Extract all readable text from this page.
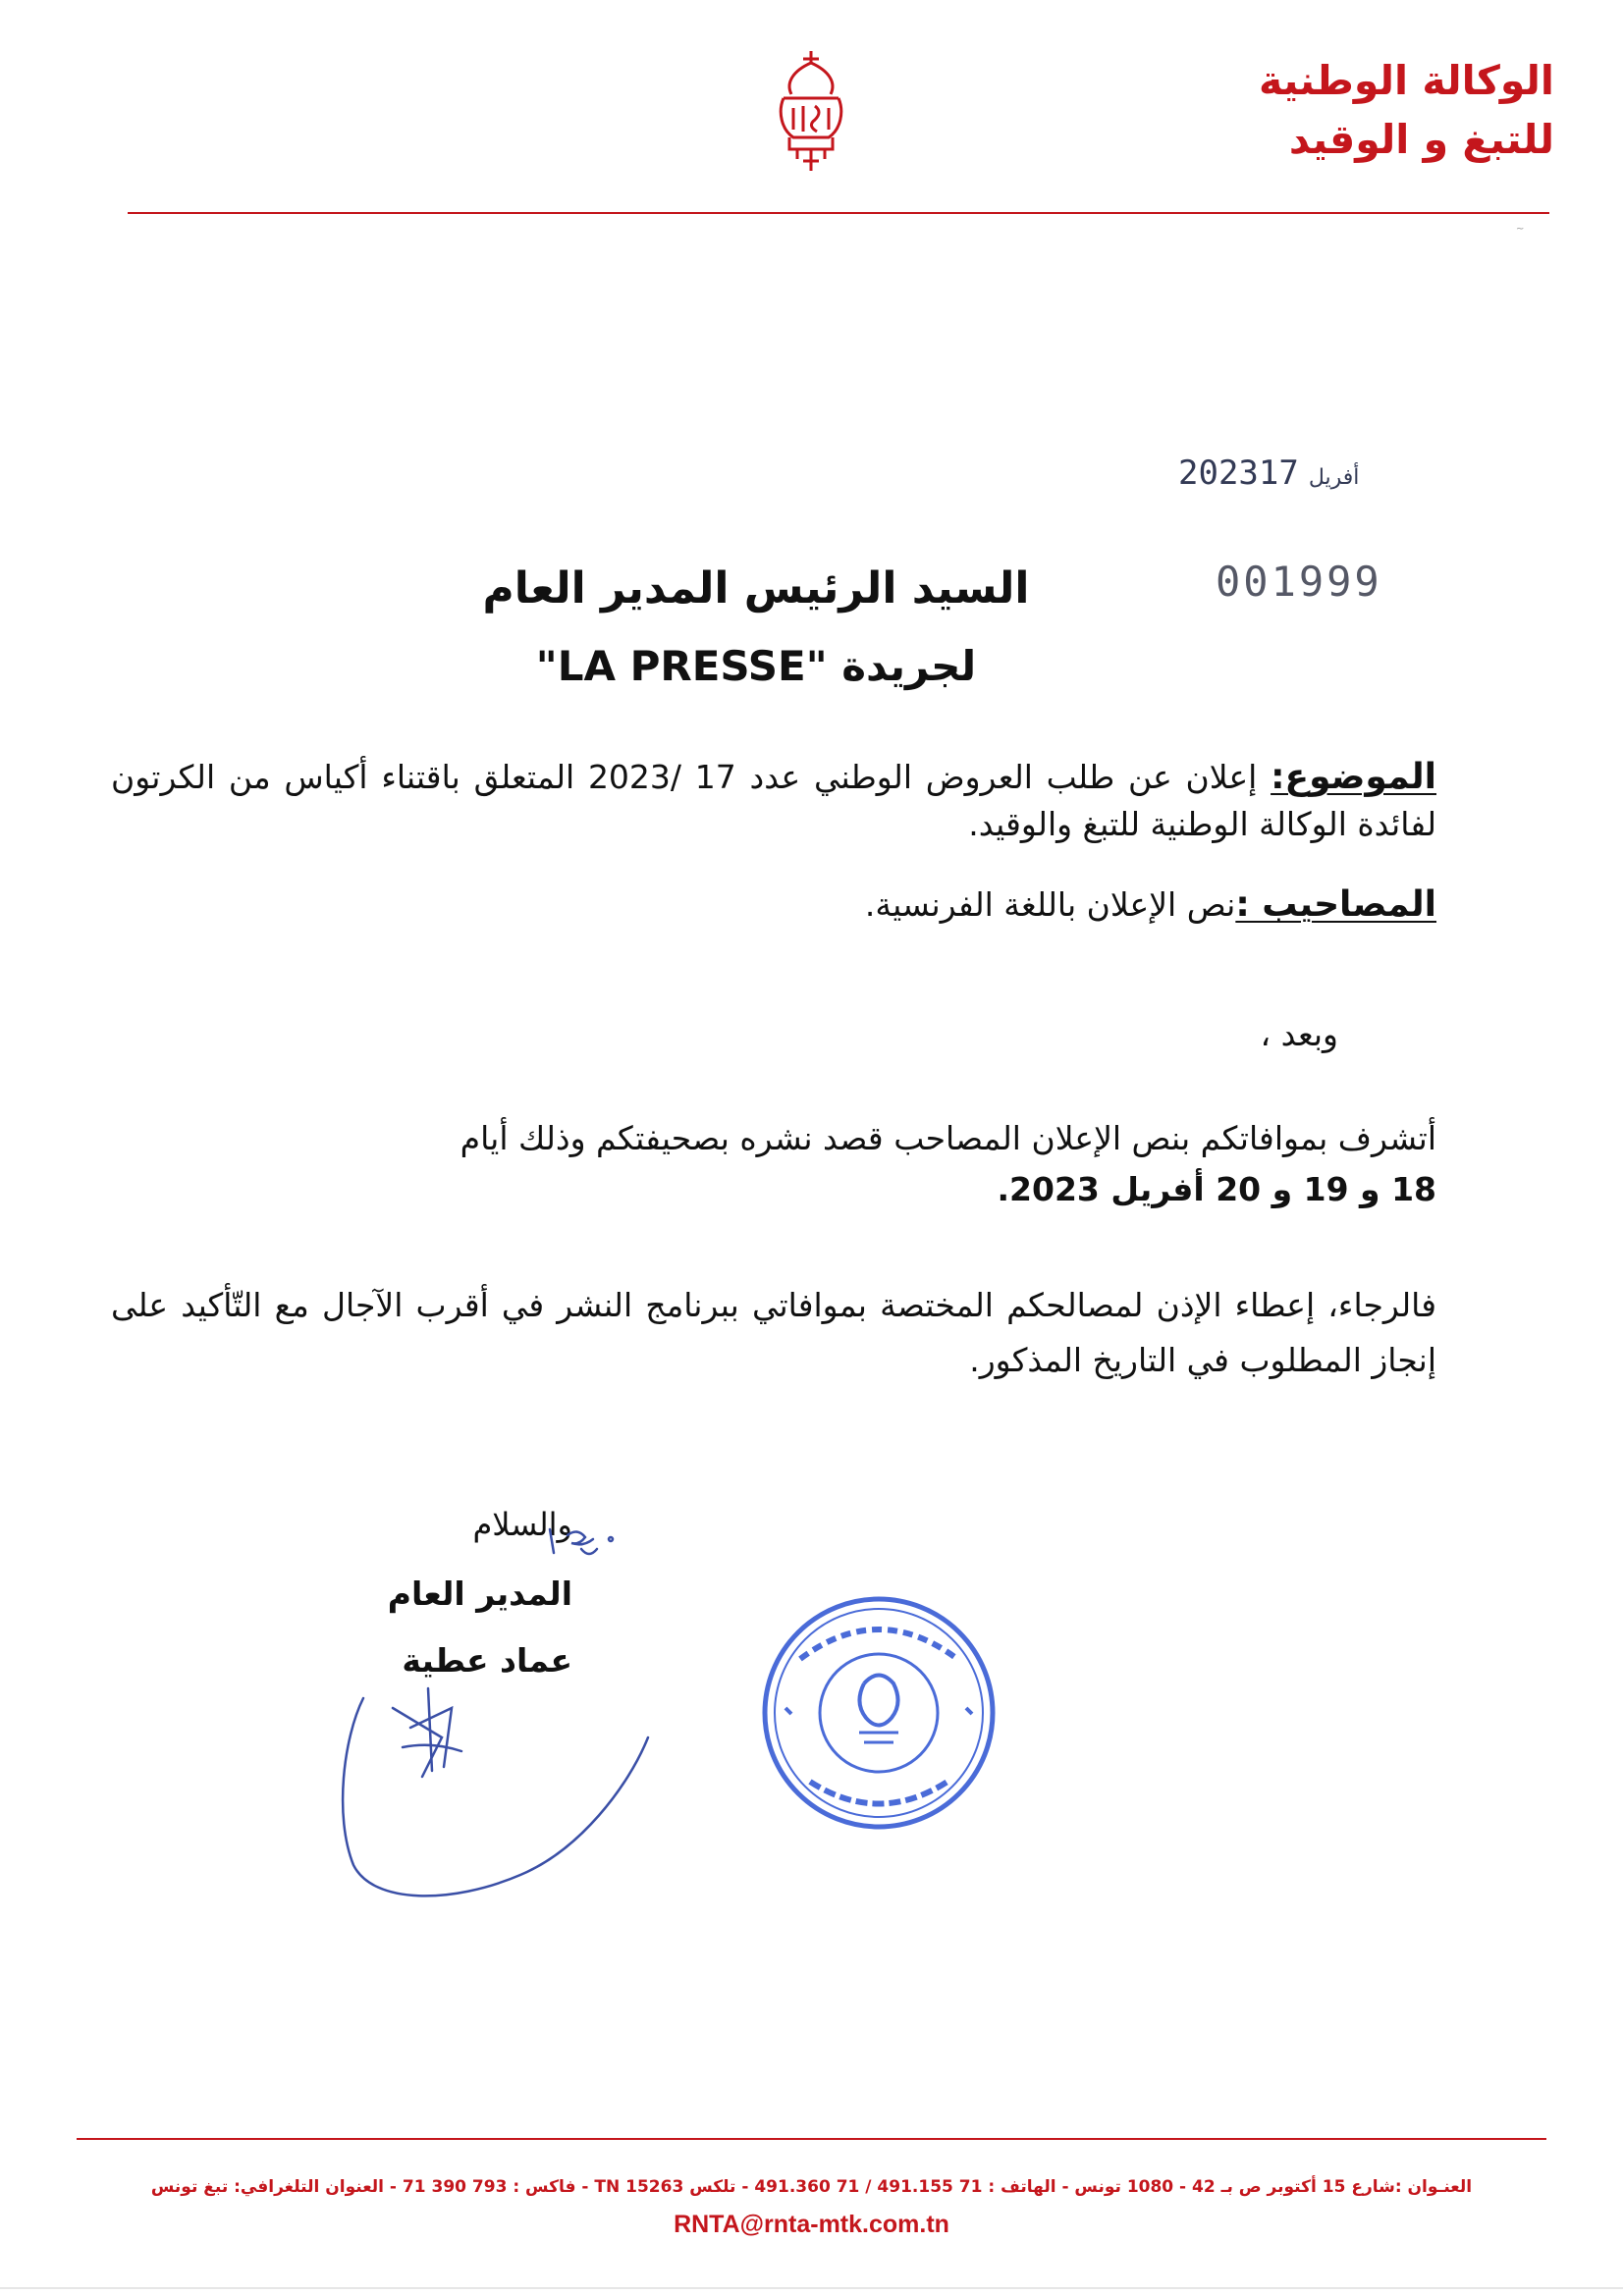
الوكالة الوطنية
للتبغ و الوقيد
~
2023 أفريل17
001999
السيد الرئيس المدير العام
لجريدة "LA PRESSE"
الموضوع: إعلان عن طلب العروض الوطني عدد 17 /2023 المتعلق باقتناء أكياس من الكرتون لفائدة الوكالة الوطنية للتبغ والوقيد.
المصاحيب :نص الإعلان باللغة الفرنسية.
وبعد ،
أتشرف بموافاتكم بنص الإعلان المصاحب قصد نشره بصحيفتكم وذلك أيام
18 و 19 و 20 أفريل 2023.
فالرجاء، إعطاء الإذن لمصالحكم المختصة بموافاتي ببرنامج النشر في أقرب الآجال مع التّأكيد على إنجاز المطلوب في التاريخ المذكور.
والسلام
المدير العام
عماد عطية
العنـوان :شارع 15 أكتوبر ص بـ 42 - 1080 تونس - الهاتف : 71 491.155 / 71 491.360 - تلكس 15263 TN - فاكس : 793 390 71 - العنوان التلغرافي: تبغ تونس
RNTA@rnta-mtk.com.tn
